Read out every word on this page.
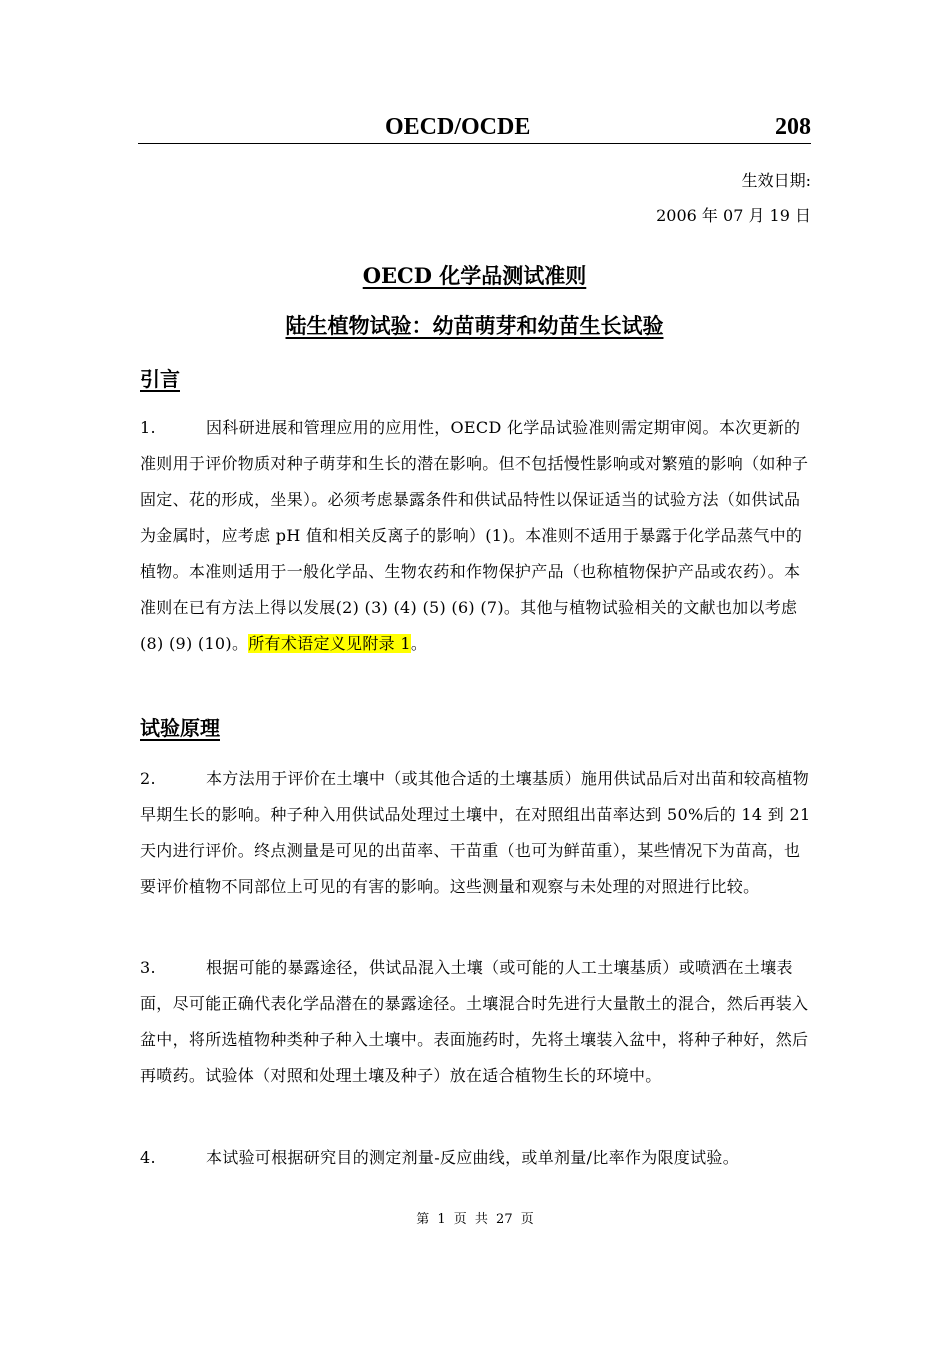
OECD/OCDE	208
生效日期:
2006 年 07 月 19 日
OECD 化学品测试准则
陆生植物试验：幼苗萌芽和幼苗生长试验
引言
1.	因科研进展和管理应用的应用性，OECD 化学品试验准则需定期审阅。本次更新的准则用于评价物质对种子萌芽和生长的潜在影响。但不包括慢性影响或对繁殖的影响（如种子固定、花的形成，坐果）。必须考虑暴露条件和供试品特性以保证适当的试验方法（如供试品为金属时，应考虑 pH 值和相关反离子的影响）(1)。本准则不适用于暴露于化学品蒸气中的植物。本准则适用于一般化学品、生物农药和作物保护产品（也称植物保护产品或农药）。本准则在已有方法上得以发展(2) (3) (4) (5) (6) (7)。其他与植物试验相关的文献也加以考虑 (8) (9) (10)。所有术语定义见附录 1。
试验原理
2.	本方法用于评价在土壤中（或其他合适的土壤基质）施用供试品后对出苗和较高植物早期生长的影响。种子种入用供试品处理过土壤中，在对照组出苗率达到 50%后的 14 到 21 天内进行评价。终点测量是可见的出苗率、干苗重（也可为鲜苗重），某些情况下为苗高，也要评价植物不同部位上可见的有害的影响。这些测量和观察与未处理的对照进行比较。
3.	根据可能的暴露途径，供试品混入土壤（或可能的人工土壤基质）或喷洒在土壤表面，尽可能正确代表化学品潜在的暴露途径。土壤混合时先进行大量散土的混合，然后再装入盆中，将所选植物种类种子种入土壤中。表面施药时，先将土壤装入盆中，将种子种好，然后再喷药。试验体（对照和处理土壤及种子）放在适合植物生长的环境中。
4.	本试验可根据研究目的测定剂量-反应曲线，或单剂量/比率作为限度试验。
第 1 页 共 27 页
